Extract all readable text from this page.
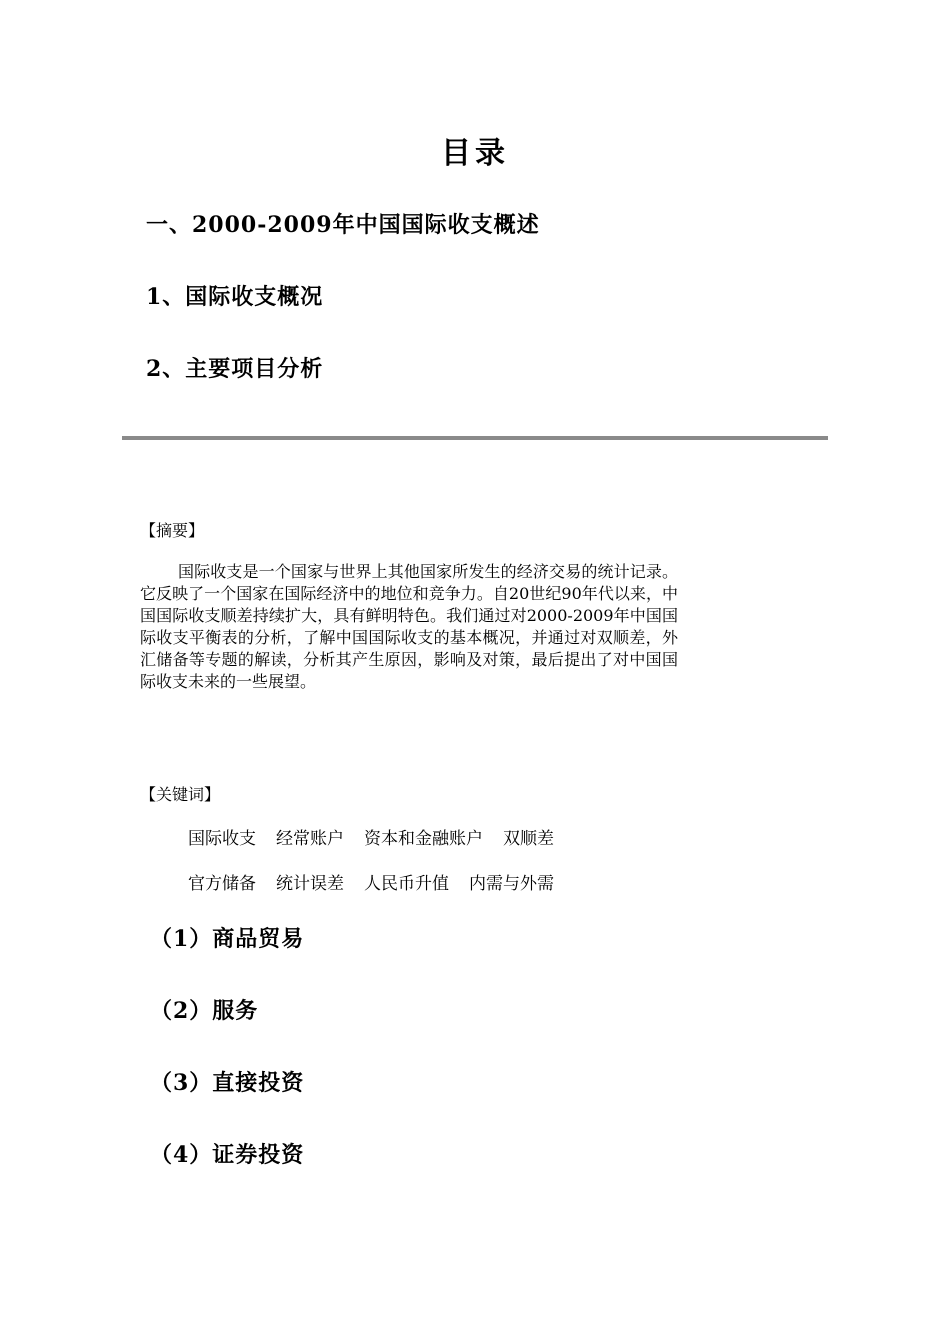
目录

一、2000-2009年中国国际收支概述

1、国际收支概况

2、主要项目分析

【摘要】

国际收支是一个国家与世界上其他国家所发生的经济交易的统计记录。它反映了一个国家在国际经济中的地位和竞争力。自20世纪90年代以来，中国国际收支顺差持续扩大，具有鲜明特色。我们通过对2000-2009年中国国际收支平衡表的分析，了解中国国际收支的基本概况，并通过对双顺差，外汇储备等专题的解读，分析其产生原因，影响及对策，最后提出了对中国国际收支未来的一些展望。

【关键词】

国际收支 经常账户 资本和金融账户 双顺差

官方储备 统计误差 人民币升值 内需与外需

（1）商品贸易

（2）服务

（3）直接投资

（4）证券投资
